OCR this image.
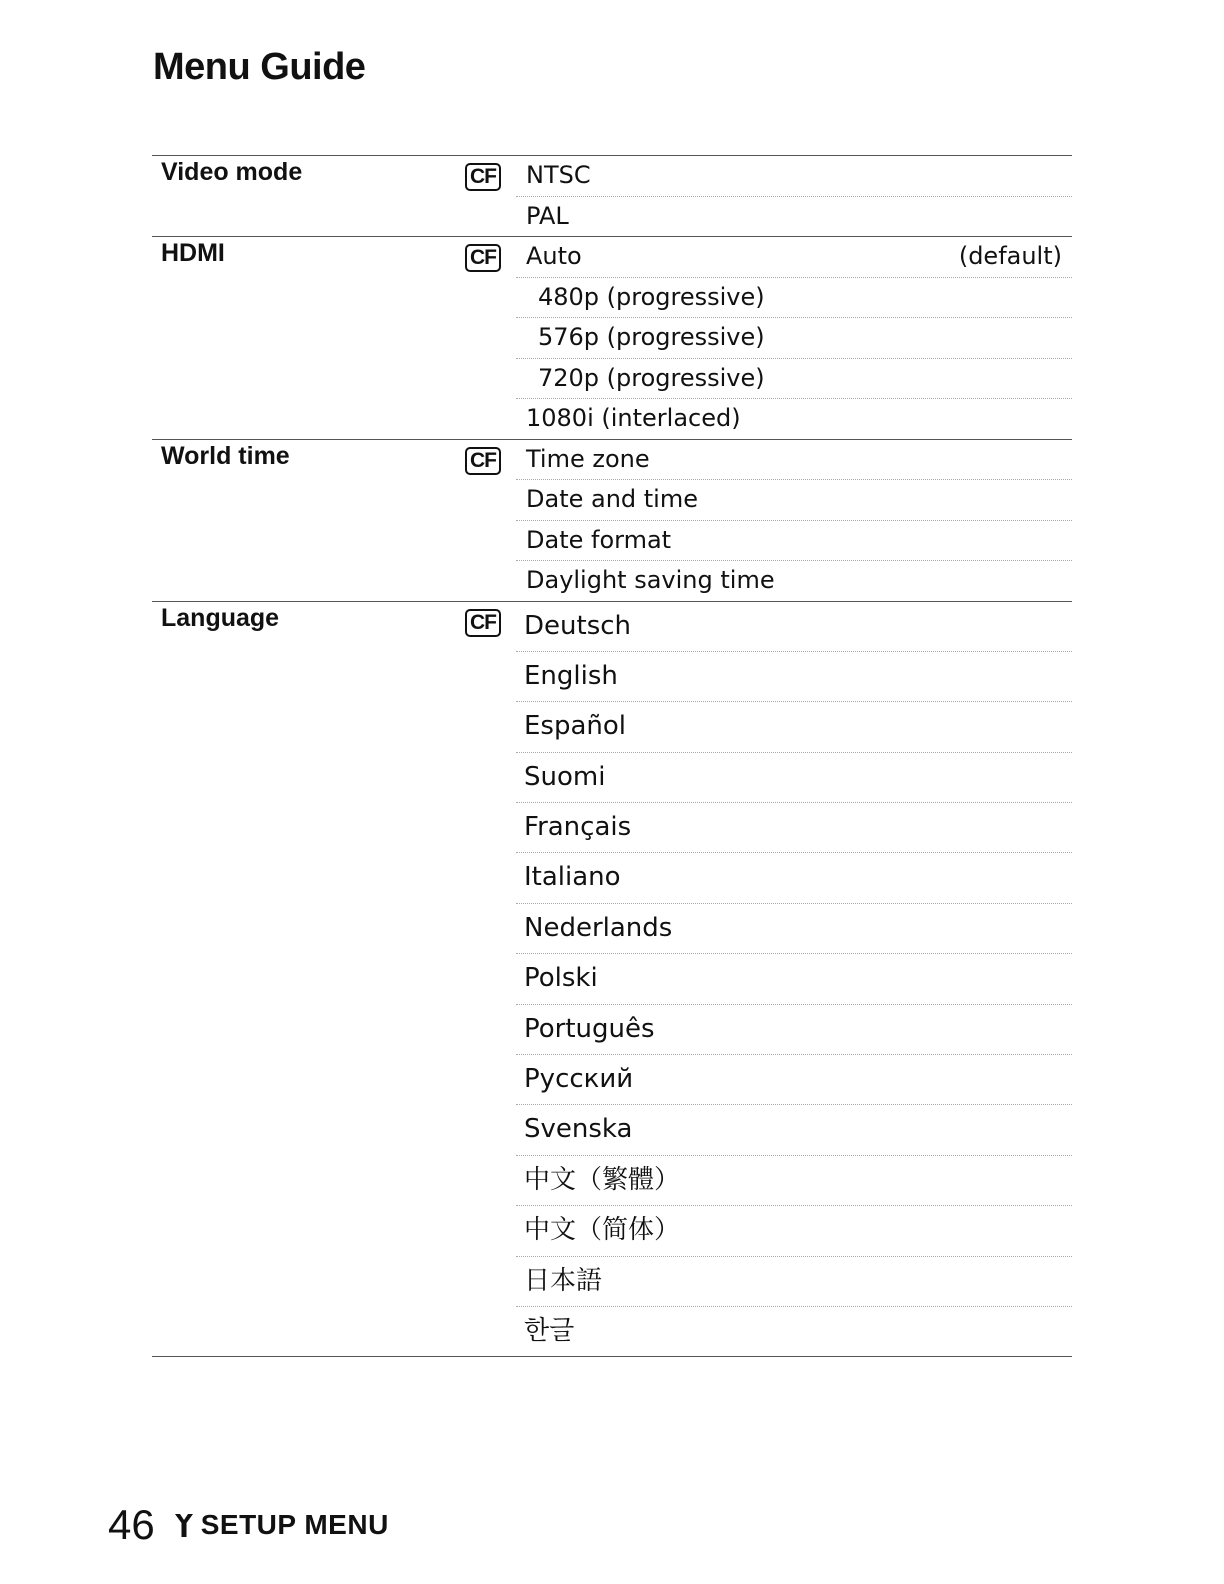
Menu Guide
Video mode	CF	NTSC
PAL
HDMI	CF	Auto	(default)
480p (progressive)
576p (progressive)
720p (progressive)
1080i (interlaced)
World time	CF	Time zone
Date and time
Date format
Daylight saving time
Language	CF	Deutsch
English
Español
Suomi
Français
Italiano
Nederlands
Polski
Português
Русский
Svenska
中文（繁體）
中文（简体）
日本語
한글
46 SETUP MENU
